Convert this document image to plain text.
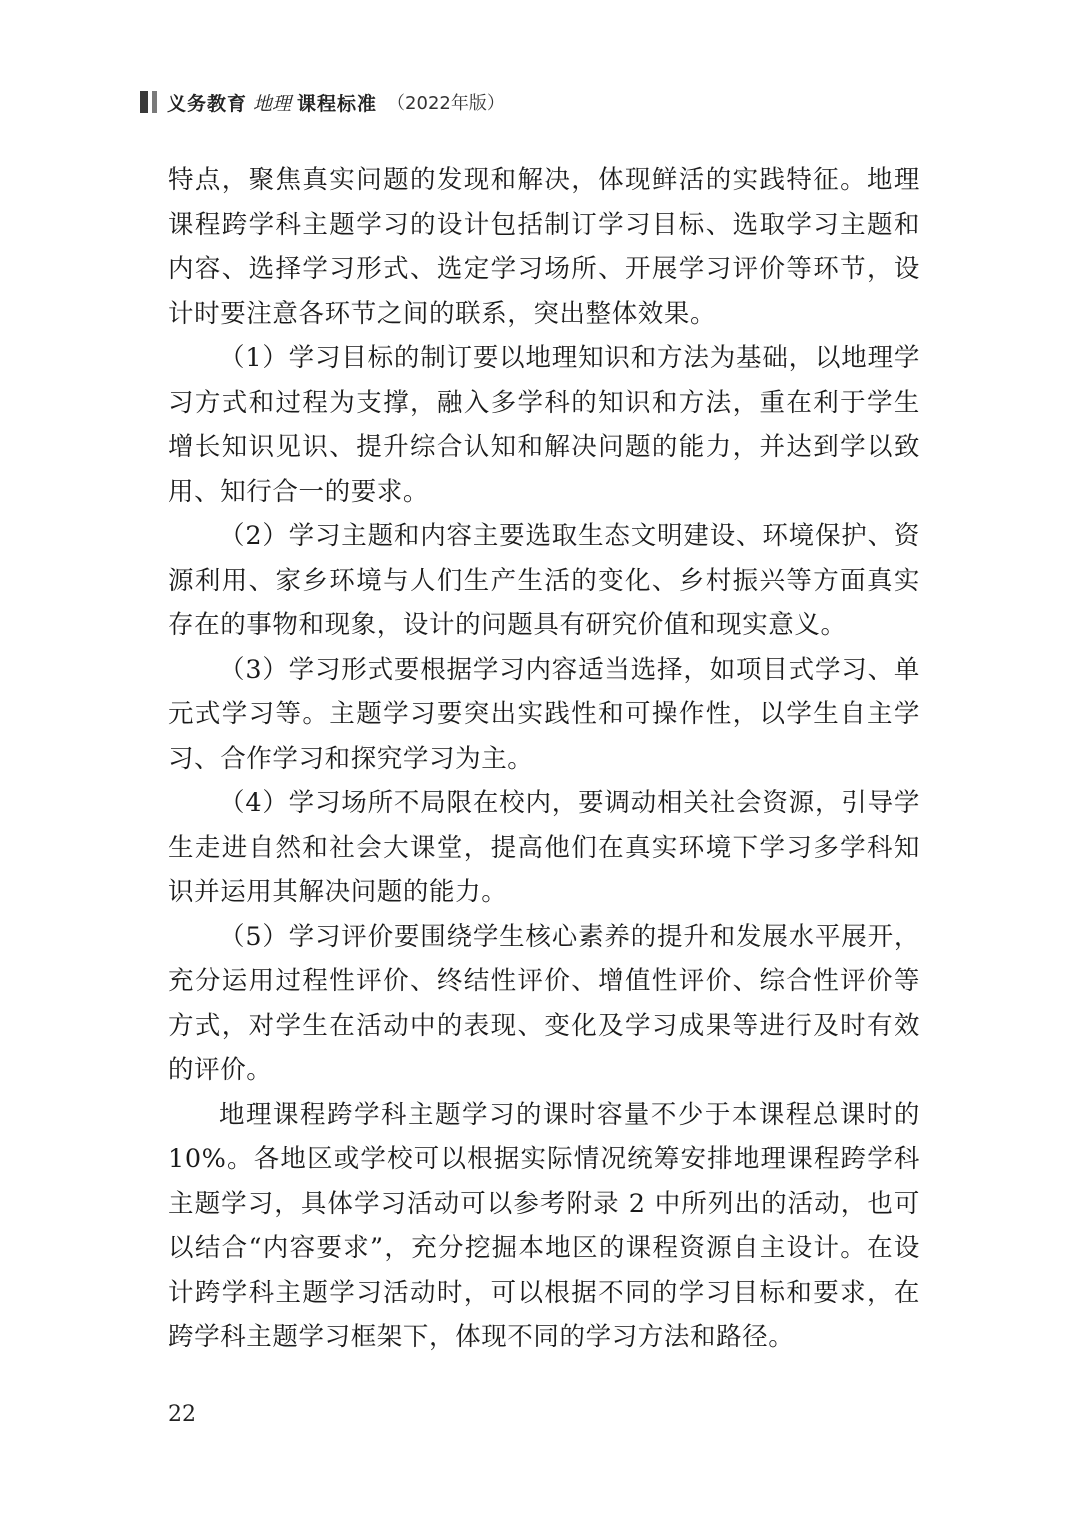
义务教育 地理 课程标准 （2022年版）

特点，聚焦真实问题的发现和解决，体现鲜活的实践特征。地理课程跨学科主题学习的设计包括制订学习目标、选取学习主题和内容、选择学习形式、选定学习场所、开展学习评价等环节，设计时要注意各环节之间的联系，突出整体效果。

（1）学习目标的制订要以地理知识和方法为基础，以地理学习方式和过程为支撑，融入多学科的知识和方法，重在利于学生增长知识见识、提升综合认知和解决问题的能力，并达到学以致用、知行合一的要求。

（2）学习主题和内容主要选取生态文明建设、环境保护、资源利用、家乡环境与人们生产生活的变化、乡村振兴等方面真实存在的事物和现象，设计的问题具有研究价值和现实意义。

（3）学习形式要根据学习内容适当选择，如项目式学习、单元式学习等。主题学习要突出实践性和可操作性，以学生自主学习、合作学习和探究学习为主。

（4）学习场所不局限在校内，要调动相关社会资源，引导学生走进自然和社会大课堂，提高他们在真实环境下学习多学科知识并运用其解决问题的能力。

（5）学习评价要围绕学生核心素养的提升和发展水平展开，充分运用过程性评价、终结性评价、增值性评价、综合性评价等方式，对学生在活动中的表现、变化及学习成果等进行及时有效的评价。

地理课程跨学科主题学习的课时容量不少于本课程总课时的10%。各地区或学校可以根据实际情况统筹安排地理课程跨学科主题学习，具体学习活动可以参考附录 2 中所列出的活动，也可以结合“内容要求”，充分挖掘本地区的课程资源自主设计。在设计跨学科主题学习活动时，可以根据不同的学习目标和要求，在跨学科主题学习框架下，体现不同的学习方法和路径。

22
